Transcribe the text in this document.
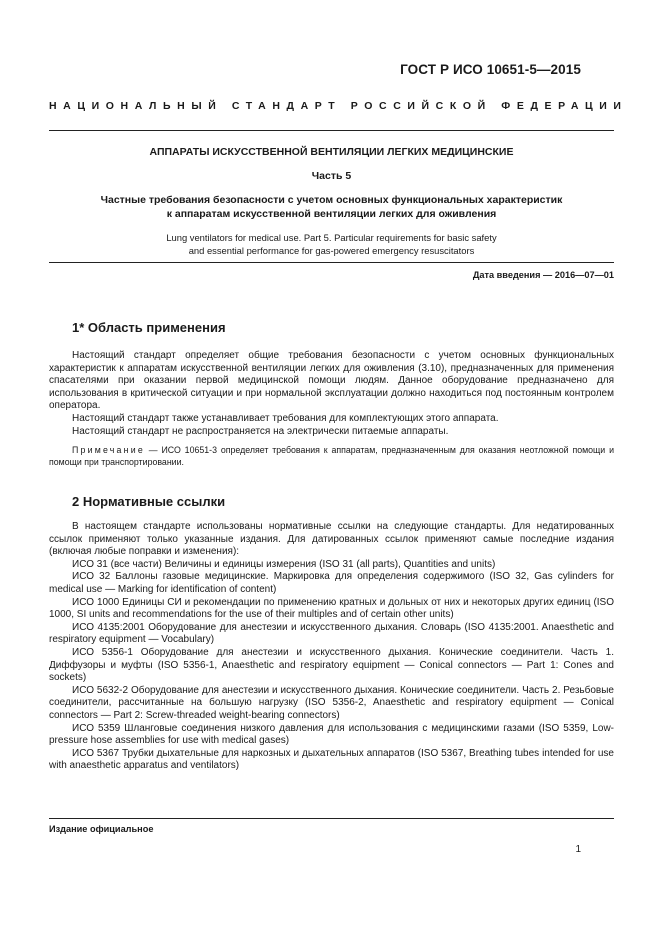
ГОСТ Р ИСО 10651-5—2015
НАЦИОНАЛЬНЫЙ СТАНДАРТ РОССИЙСКОЙ ФЕДЕРАЦИИ
АППАРАТЫ ИСКУССТВЕННОЙ ВЕНТИЛЯЦИИ ЛЕГКИХ МЕДИЦИНСКИЕ
Часть 5
Частные требования безопасности с учетом основных функциональных характеристик
к аппаратам искусственной вентиляции легких для оживления
Lung ventilators for medical use. Part 5. Particular requirements for basic safety
and essential performance for gas-powered emergency resuscitators
Дата введения — 2016—07—01
1* Область применения

Настоящий стандарт определяет общие требования безопасности с учетом основных функциональных характеристик к аппаратам искусственной вентиляции легких для оживления (3.10), предназначенных для применения спасателями при оказании первой медицинской помощи людям. Данное оборудование предназначено для использования в критической ситуации и при нормальной эксплуатации должно находиться под постоянным контролем оператора.

Настоящий стандарт также устанавливает требования для комплектующих этого аппарата.

Настоящий стандарт не распространяется на электрически питаемые аппараты.

Примечание — ИСО 10651-3 определяет требования к аппаратам, предназначенным для оказания неотложной помощи и помощи при транспортировании.

2 Нормативные ссылки

В настоящем стандарте использованы нормативные ссылки на следующие стандарты. Для недатированных ссылок применяют только указанные издания. Для датированных ссылок применяют самые последние издания (включая любые поправки и изменения):

ИСО 31 (все части) Величины и единицы измерения (ISO 31 (all parts), Quantities and units)

ИСО 32 Баллоны газовые медицинские. Маркировка для определения содержимого (ISO 32, Gas cylinders for medical use — Marking for identification of content)

ИСО 1000 Единицы СИ и рекомендации по применению кратных и дольных от них и некоторых других единиц (ISO 1000, SI units and recommendations for the use of their multiples and of certain other units)

ИСО 4135:2001 Оборудование для анестезии и искусственного дыхания. Словарь (ISO 4135:2001. Anaesthetic and respiratory equipment — Vocabulary)

ИСО 5356-1 Оборудование для анестезии и искусственного дыхания. Конические соединители. Часть 1. Диффузоры и муфты (ISO 5356-1, Anaesthetic and respiratory equipment — Conical connectors — Part 1: Cones and sockets)

ИСО 5632-2 Оборудование для анестезии и искусственного дыхания. Конические соединители. Часть 2. Резьбовые соединители, рассчитанные на большую нагрузку (ISO 5356-2, Anaesthetic and respiratory equipment — Conical connectors — Part 2: Screw-threaded weight-bearing connectors)

ИСО 5359 Шланговые соединения низкого давления для использования с медицинскими газами (ISO 5359, Low-pressure hose assemblies for use with medical gases)

ИСО 5367 Трубки дыхательные для наркозных и дыхательных аппаратов (ISO 5367, Breathing tubes intended for use with anaesthetic apparatus and ventilators)

Издание официальное
1
